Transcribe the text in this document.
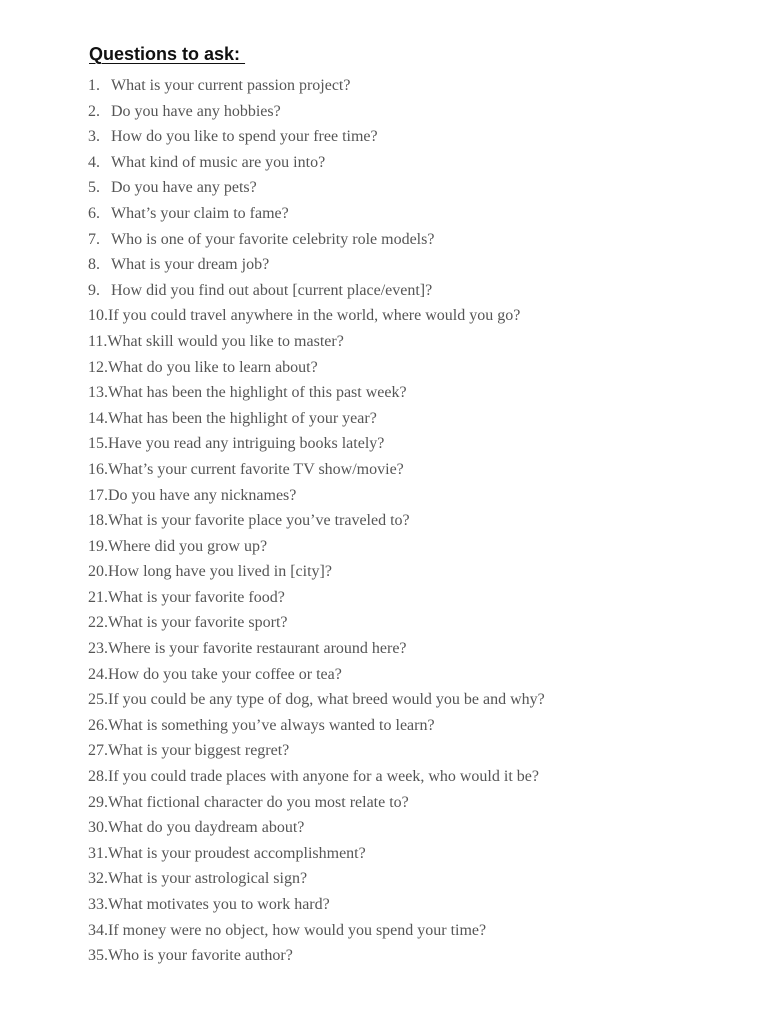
Questions to ask:
1. What is your current passion project?
2. Do you have any hobbies?
3. How do you like to spend your free time?
4. What kind of music are you into?
5. Do you have any pets?
6. What’s your claim to fame?
7. Who is one of your favorite celebrity role models?
8. What is your dream job?
9. How did you find out about [current place/event]?
10. If you could travel anywhere in the world, where would you go?
11. What skill would you like to master?
12. What do you like to learn about?
13. What has been the highlight of this past week?
14. What has been the highlight of your year?
15. Have you read any intriguing books lately?
16. What’s your current favorite TV show/movie?
17. Do you have any nicknames?
18. What is your favorite place you’ve traveled to?
19. Where did you grow up?
20. How long have you lived in [city]?
21. What is your favorite food?
22. What is your favorite sport?
23. Where is your favorite restaurant around here?
24. How do you take your coffee or tea?
25. If you could be any type of dog, what breed would you be and why?
26. What is something you’ve always wanted to learn?
27. What is your biggest regret?
28. If you could trade places with anyone for a week, who would it be?
29. What fictional character do you most relate to?
30. What do you daydream about?
31. What is your proudest accomplishment?
32. What is your astrological sign?
33. What motivates you to work hard?
34. If money were no object, how would you spend your time?
35. Who is your favorite author?
